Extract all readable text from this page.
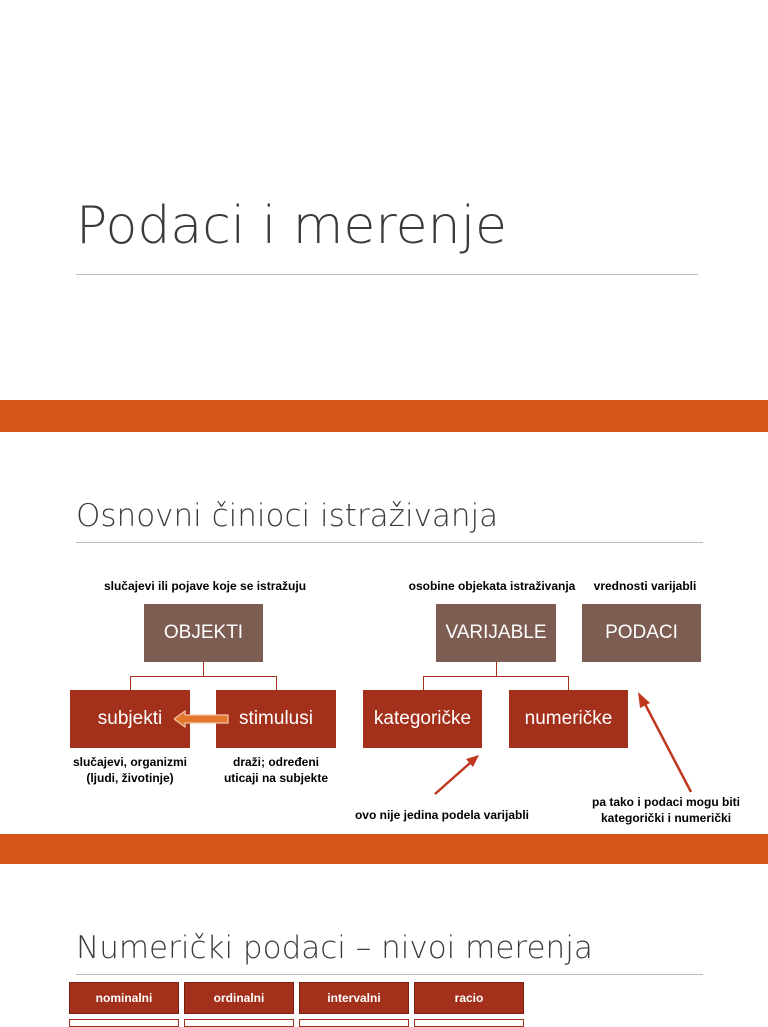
Podaci i merenje
Osnovni činioci istraživanja
slučajevi ili pojave koje se istražuju	osobine objekata istraživanja	vrednosti varijabli
OBJEKTI	VARIJABLE	PODACI
subjekti	stimulusi	kategoričke	numeričke
slučajevi, organizmi
(ljudi, životinje)
draži; određeni
uticaji na subjekte
ovo nije jedina podela varijabli
pa tako i podaci mogu biti
kategorički i numerički
Numerički podaci – nivoi merenja
nominalni	ordinalni	intervalni	racio
